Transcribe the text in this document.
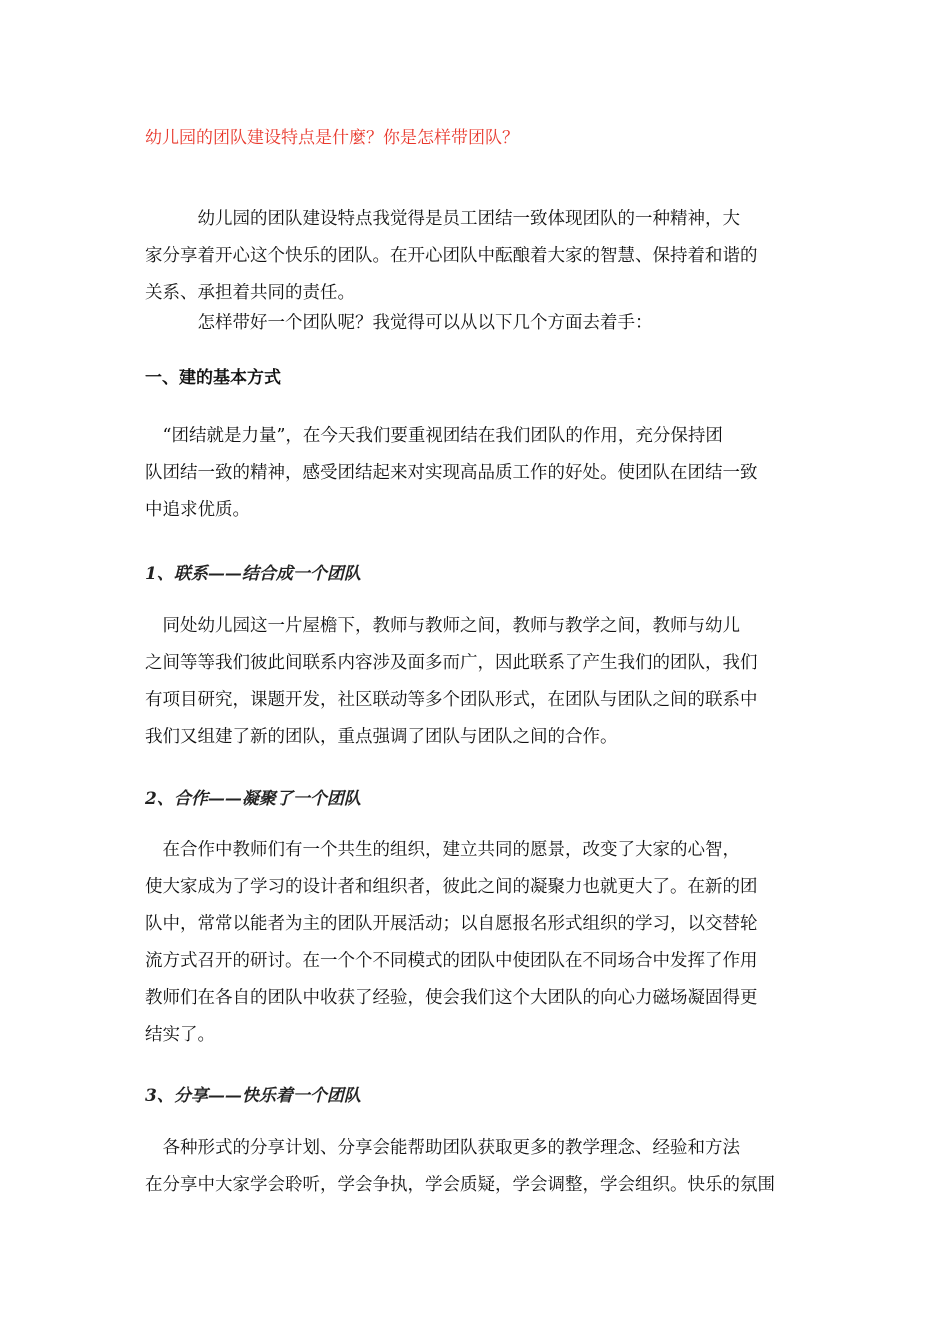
幼儿园的团队建设特点是什麼？你是怎样带团队？

　　　幼儿园的团队建设特点我觉得是员工团结一致体现团队的一种精神，大
家分享着开心这个快乐的团队。在开心团队中酝酿着大家的智慧、保持着和谐的
关系、承担着共同的责任。

　　　怎样带好一个团队呢？我觉得可以从以下几个方面去着手：

一、建的基本方式

　“团结就是力量”，在今天我们要重视团结在我们团队的作用，充分保持团
队团结一致的精神，感受团结起来对实现高品质工作的好处。使团队在团结一致
中追求优质。

1、联系——结合成一个团队

　同处幼儿园这一片屋檐下，教师与教师之间，教师与教学之间，教师与幼儿
之间等等我们彼此间联系内容涉及面多而广，因此联系了产生我们的团队，我们
有项目研究，课题开发，社区联动等多个团队形式，在团队与团队之间的联系中
我们又组建了新的团队，重点强调了团队与团队之间的合作。

2、合作——凝聚了一个团队

　在合作中教师们有一个共生的组织，建立共同的愿景，改变了大家的心智，
使大家成为了学习的设计者和组织者，彼此之间的凝聚力也就更大了。在新的团
队中，常常以能者为主的团队开展活动；以自愿报名形式组织的学习，以交替轮
流方式召开的研讨。在一个个不同模式的团队中使团队在不同场合中发挥了作用
教师们在各自的团队中收获了经验，使会我们这个大团队的向心力磁场凝固得更
结实了。

3、分享——快乐着一个团队

　各种形式的分享计划、分享会能帮助团队获取更多的教学理念、经验和方法
在分享中大家学会聆听，学会争执，学会质疑，学会调整，学会组织。快乐的氛围
